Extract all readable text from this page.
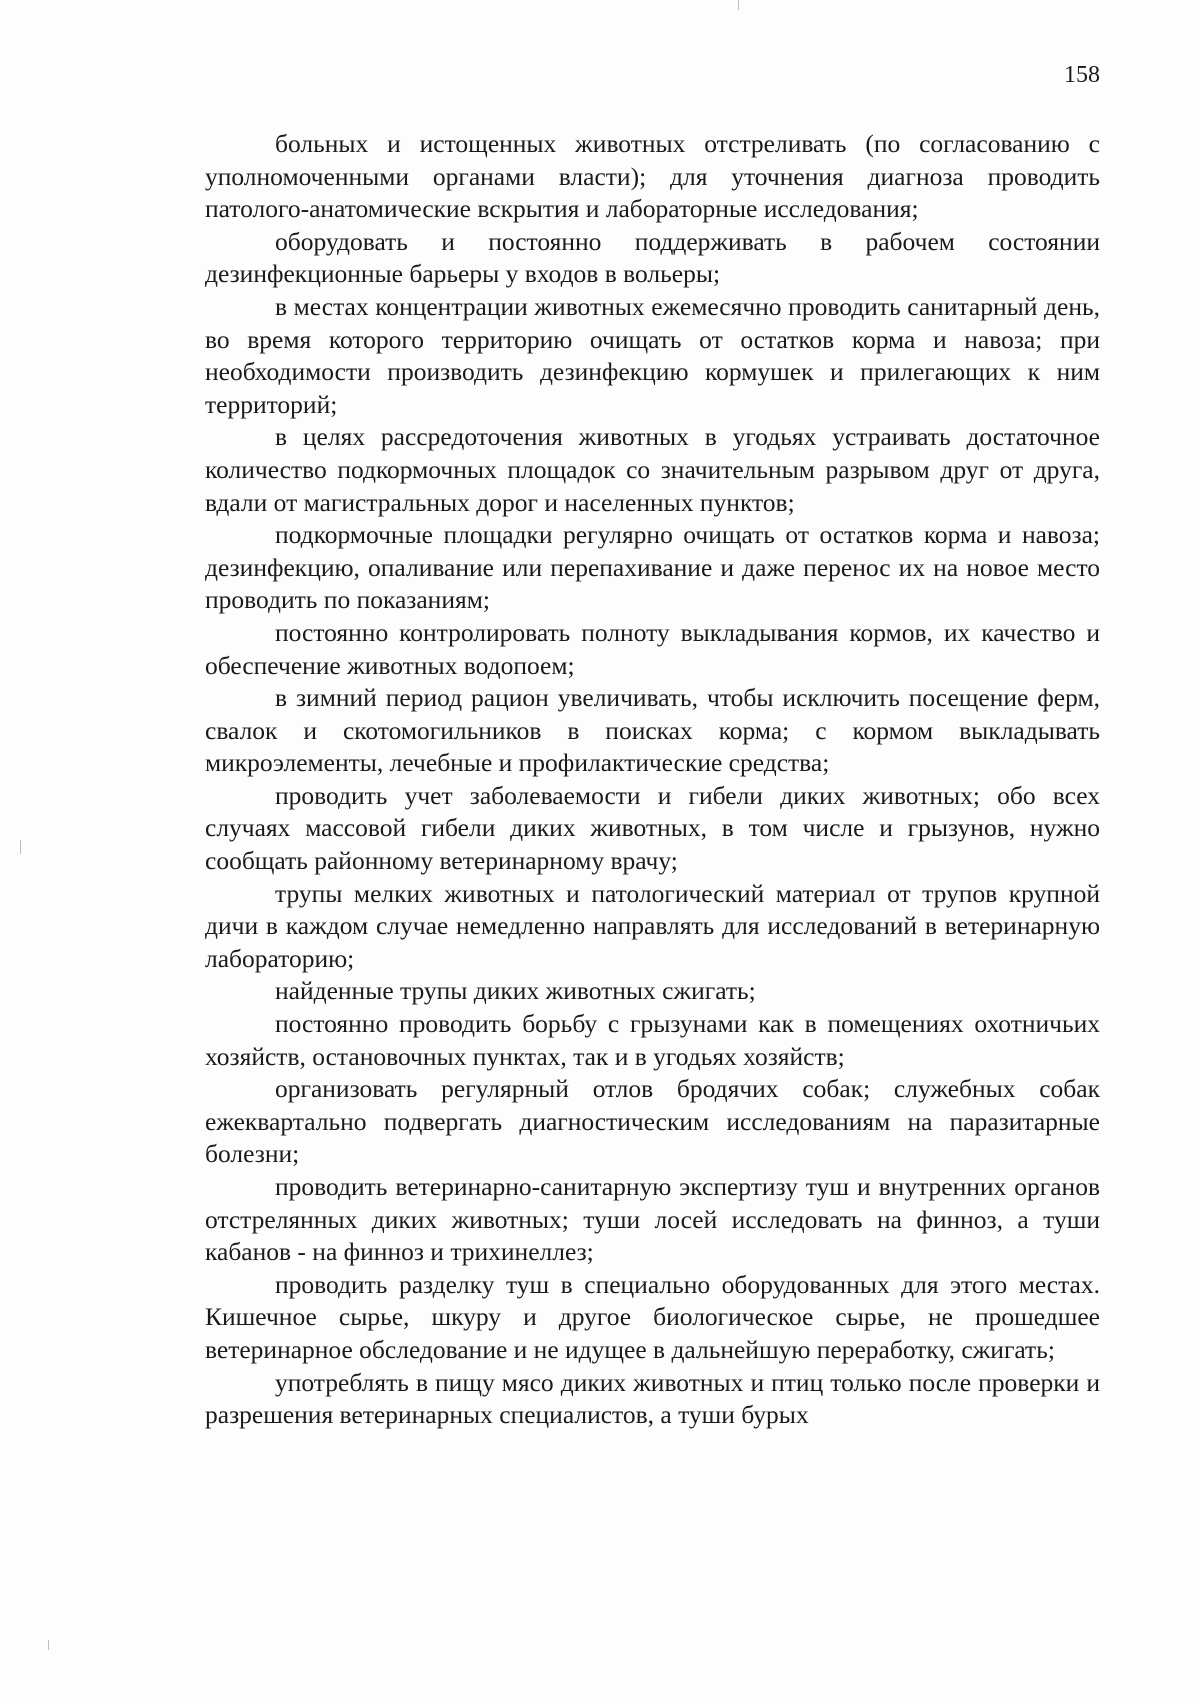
158

больных и истощенных животных отстреливать (по согласованию с уполномоченными органами власти); для уточнения диагноза проводить патолого-анатомические вскрытия и лабораторные исследования;

оборудовать и постоянно поддерживать в рабочем состоянии дезинфекционные барьеры у входов в вольеры;

в местах концентрации животных ежемесячно проводить санитарный день, во время которого территорию очищать от остатков корма и навоза; при необходимости производить дезинфекцию кормушек и прилегающих к ним территорий;

в целях рассредоточения животных в угодьях устраивать достаточное количество подкормочных площадок со значительным разрывом друг от друга, вдали от магистральных дорог и населенных пунктов;

подкормочные площадки регулярно очищать от остатков корма и навоза; дезинфекцию, опаливание или перепахивание и даже перенос их на новое место проводить по показаниям;

постоянно контролировать полноту выкладывания кормов, их качество и обеспечение животных водопоем;

в зимний период рацион увеличивать, чтобы исключить посещение ферм, свалок и скотомогильников в поисках корма; с кормом выкладывать микроэлементы, лечебные и профилактические средства;

проводить учет заболеваемости и гибели диких животных; обо всех случаях массовой гибели диких животных, в том числе и грызунов, нужно сообщать районному ветеринарному врачу;

трупы мелких животных и патологический материал от трупов крупной дичи в каждом случае немедленно направлять для исследований в ветеринарную лабораторию;

найденные трупы диких животных сжигать;

постоянно проводить борьбу с грызунами как в помещениях охотничьих хозяйств, остановочных пунктах, так и в угодьях хозяйств;

организовать регулярный отлов бродячих собак; служебных собак ежеквартально подвергать диагностическим исследованиям на паразитарные болезни;

проводить ветеринарно-санитарную экспертизу туш и внутренних органов отстрелянных диких животных; туши лосей исследовать на финноз, а туши кабанов - на финноз и трихинеллез;

проводить разделку туш в специально оборудованных для этого местах. Кишечное сырье, шкуру и другое биологическое сырье, не прошедшее ветеринарное обследование и не идущее в дальнейшую переработку, сжигать;

употреблять в пищу мясо диких животных и птиц только после проверки и разрешения ветеринарных специалистов, а туши бурых
